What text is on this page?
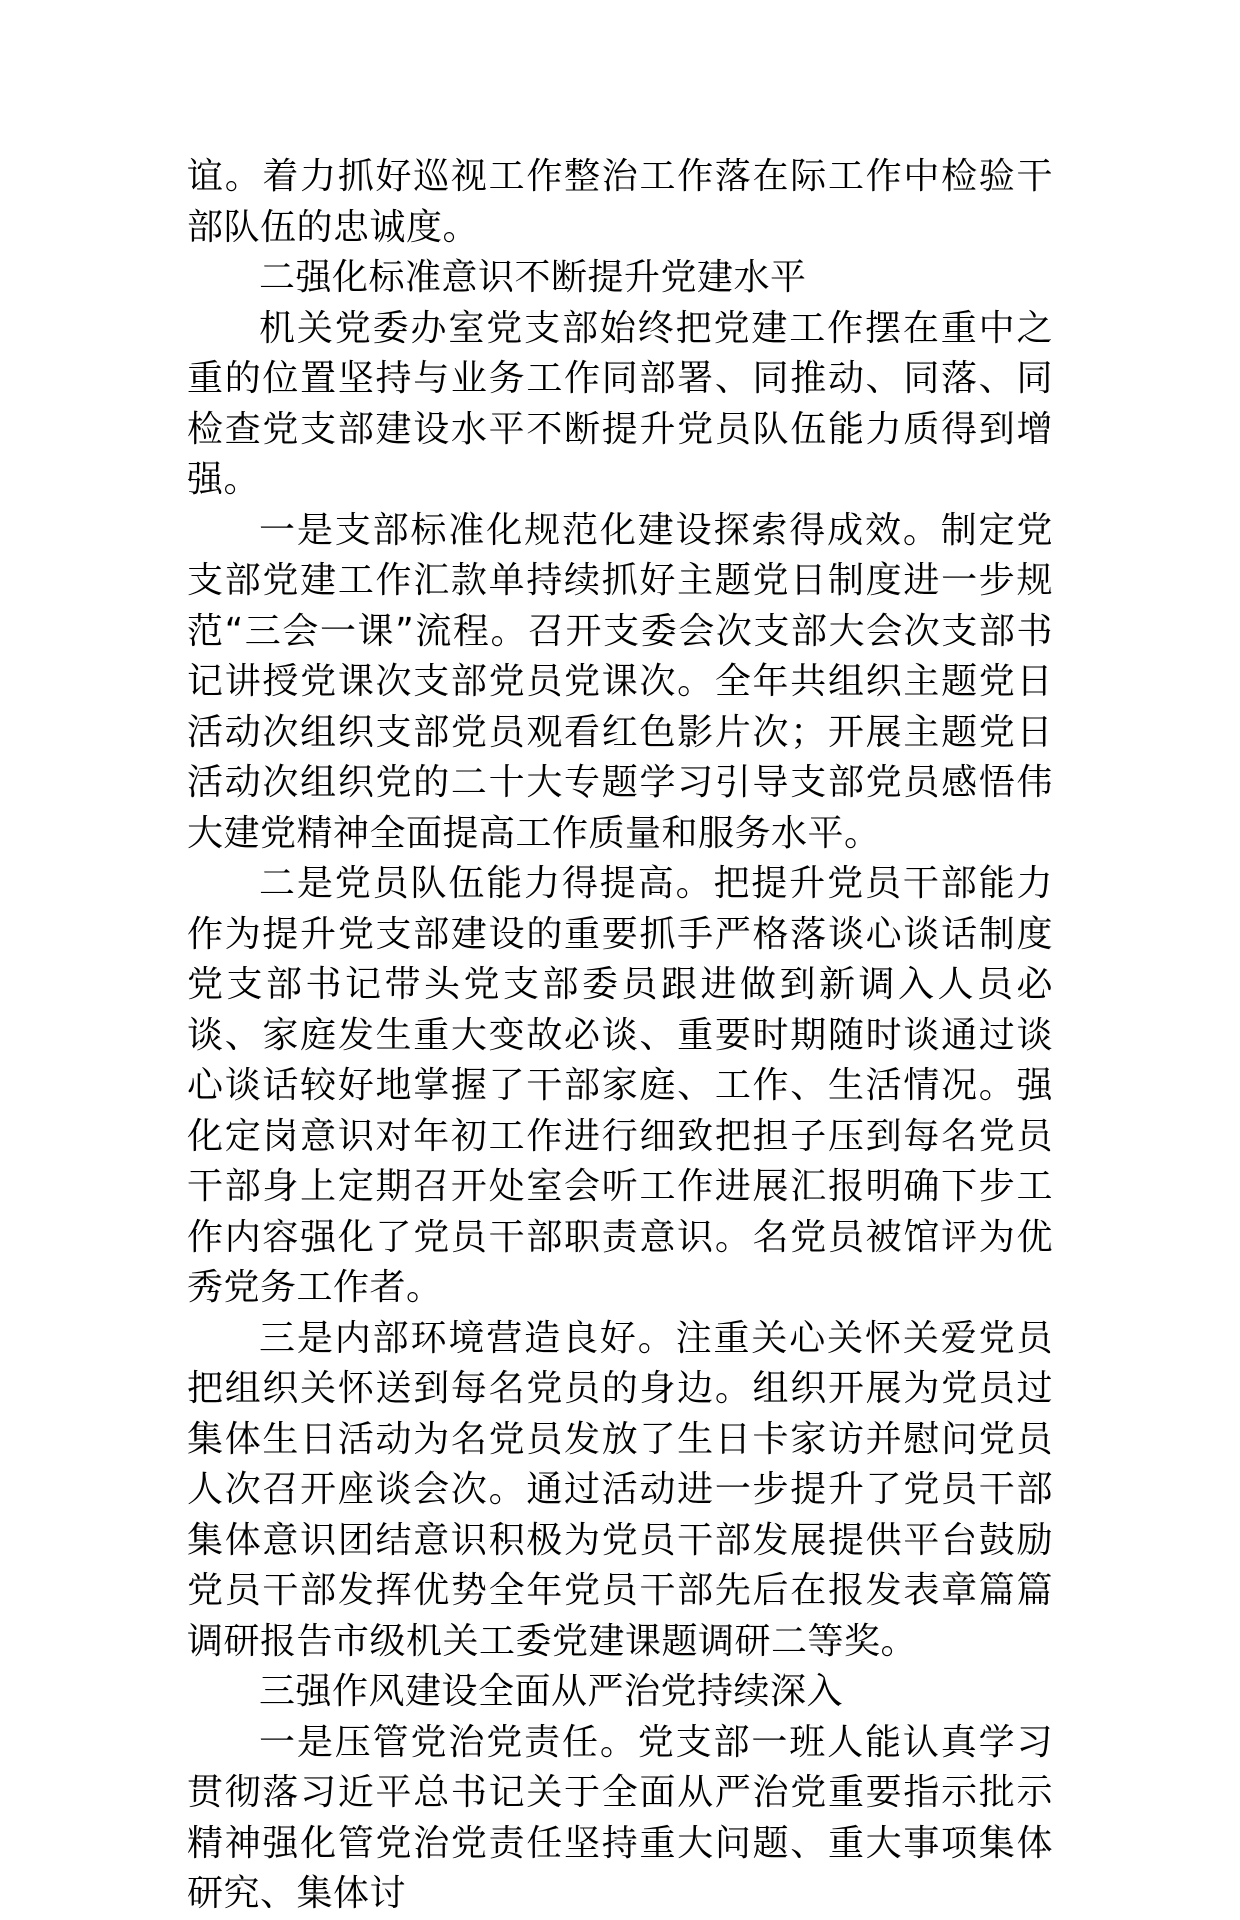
谊。着力抓好巡视工作整治工作落在际工作中检验干部队伍的忠诚度。

二强化标准意识不断提升党建水平

机关党委办室党支部始终把党建工作摆在重中之重的位置坚持与业务工作同部署、同推动、同落、同检查党支部建设水平不断提升党员队伍能力质得到增强。

一是支部标准化规范化建设探索得成效。制定党支部党建工作汇款单持续抓好主题党日制度进一步规范“三会一课”流程。召开支委会次支部大会次支部书记讲授党课次支部党员党课次。全年共组织主题党日活动次组织支部党员观看红色影片次；开展主题党日活动次组织党的二十大专题学习引导支部党员感悟伟大建党精神全面提高工作质量和服务水平。

二是党员队伍能力得提高。把提升党员干部能力作为提升党支部建设的重要抓手严格落谈心谈话制度党支部书记带头党支部委员跟进做到新调入人员必谈、家庭发生重大变故必谈、重要时期随时谈通过谈心谈话较好地掌握了干部家庭、工作、生活情况。强化定岗意识对年初工作进行细致把担子压到每名党员干部身上定期召开处室会听工作进展汇报明确下步工作内容强化了党员干部职责意识。名党员被馆评为优秀党务工作者。

三是内部环境营造良好。注重关心关怀关爱党员把组织关怀送到每名党员的身边。组织开展为党员过集体生日活动为名党员发放了生日卡家访并慰问党员人次召开座谈会次。通过活动进一步提升了党员干部集体意识团结意识积极为党员干部发展提供平台鼓励党员干部发挥优势全年党员干部先后在报发表章篇篇调研报告市级机关工委党建课题调研二等奖。

三强作风建设全面从严治党持续深入

一是压管党治党责任。党支部一班人能认真学习贯彻落习近平总书记关于全面从严治党重要指示批示精神强化管党治党责任坚持重大问题、重大事项集体研究、集体讨
